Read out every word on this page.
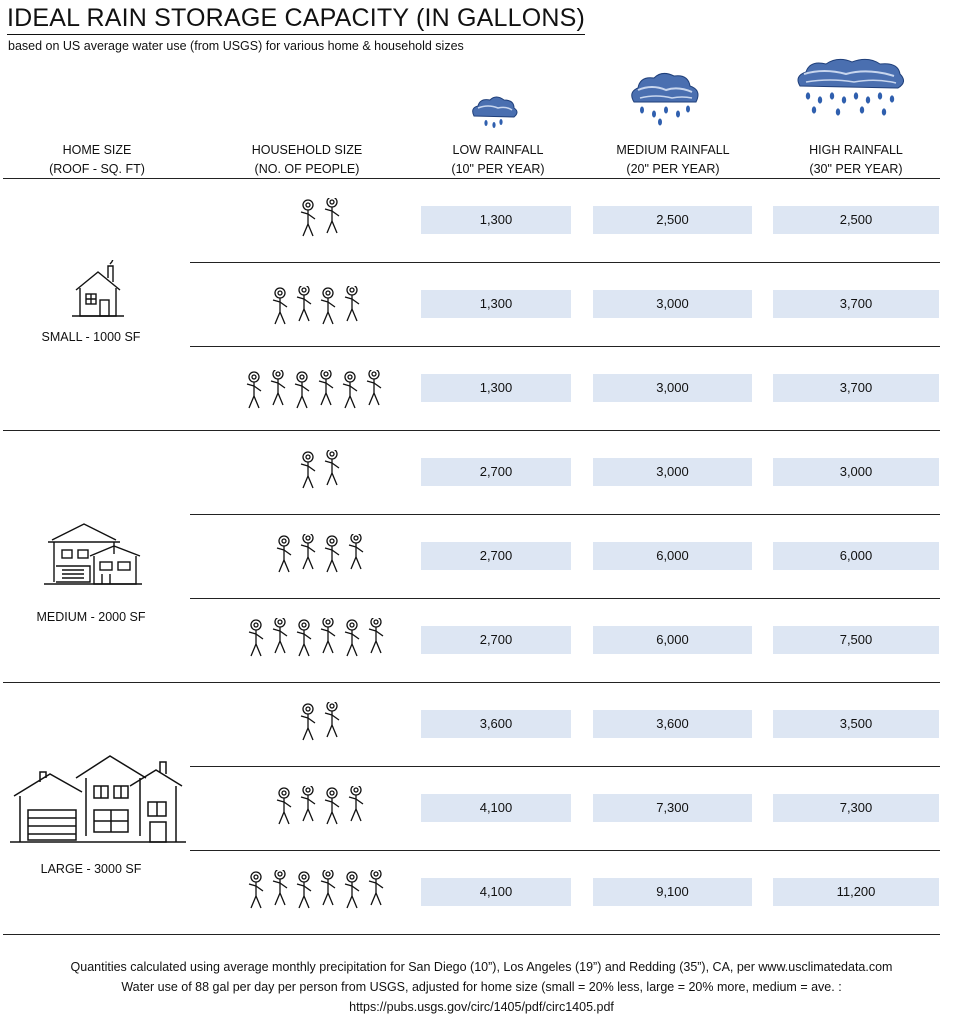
IDEAL RAIN STORAGE CAPACITY (IN GALLONS)
based on US average water use (from USGS) for various home & household sizes
HOME SIZE
(ROOF - SQ. FT)
HOUSEHOLD SIZE
(NO. OF PEOPLE)
LOW RAINFALL
(10" PER YEAR)
MEDIUM RAINFALL
(20" PER YEAR)
HIGH RAINFALL
(30" PER YEAR)
SMALL - 1000 SF
MEDIUM - 2000 SF
LARGE - 3000 SF
1,300	2,500	2,500
1,300	3,000	3,700
1,300	3,000	3,700
2,700	3,000	3,000
2,700	6,000	6,000
2,700	6,000	7,500
3,600	3,600	3,500
4,100	7,300	7,300
4,100	9,100	11,200
Quantities calculated using average monthly precipitation for San Diego (10”), Los Angeles (19”) and Redding (35”), CA, per www.usclimatedata.com
Water use of 88 gal per day per person from USGS, adjusted for home size (small = 20% less, large = 20% more, medium = ave. :
https://pubs.usgs.gov/circ/1405/pdf/circ1405.pdf
